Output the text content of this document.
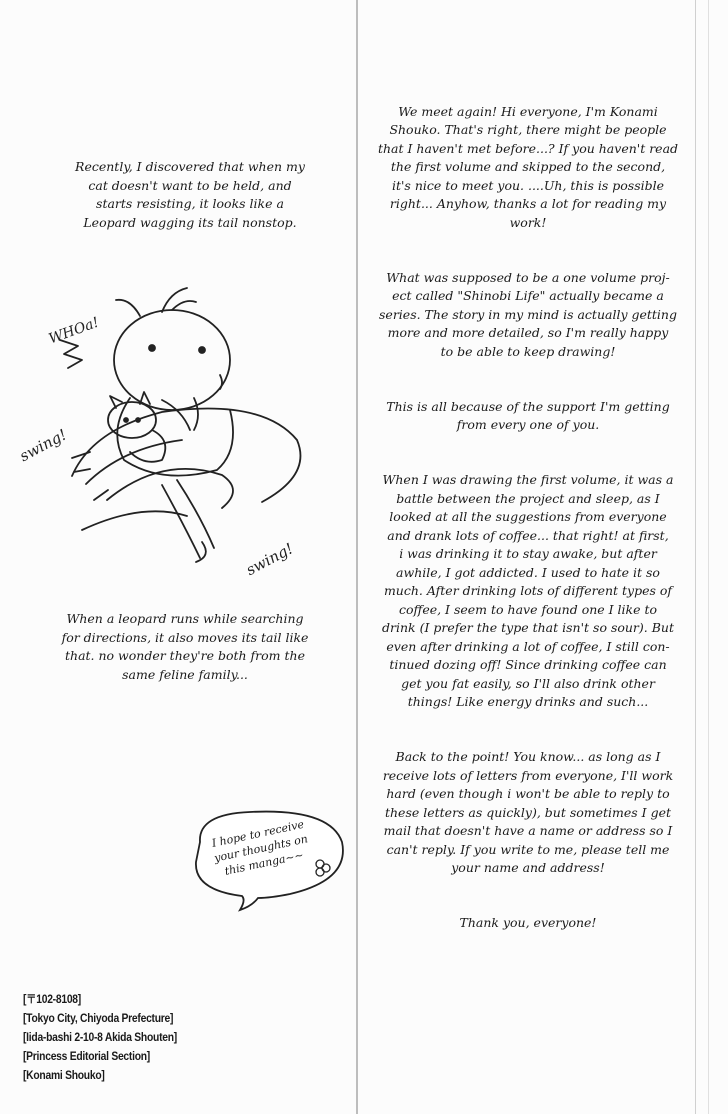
Recently, I discovered that when my
cat doesn't want to be held, and
starts resisting, it looks like a
Leopard wagging its tail nonstop.
WHOa!
swing!
swing!
When a leopard runs while searching
for directions, it also moves its tail like
that. no wonder they're both from the
same feline family...

We meet again! Hi everyone, I'm Konami
Shouko. That's right, there might be people
that I haven't met before...? If you haven't read
the first volume and skipped to the second,
it's nice to meet you. ....Uh, this is possible
right... Anyhow, thanks a lot for reading my
work!

What was supposed to be a one volume proj-
ect called "Shinobi Life" actually became a
series. The story in my mind is actually getting
more and more detailed, so I'm really happy
to be able to keep drawing!

This is all because of the support I'm getting
from every one of you.

When I was drawing the first volume, it was a
battle between the project and sleep, as I
looked at all the suggestions from everyone
and drank lots of coffee... that right! at first,
i was drinking it to stay awake, but after
awhile, I got addicted. I used to hate it so
much. After drinking lots of different types of
coffee, I seem to have found one I like to
drink (I prefer the type that isn't so sour). But
even after drinking a lot of coffee, I still con-
tinued dozing off! Since drinking coffee can
get you fat easily, so I'll also drink other
things! Like energy drinks and such...

Back to the point! You know... as long as I
receive lots of letters from everyone, I'll work
hard (even though i won't be able to reply to
these letters as quickly), but sometimes I get
mail that doesn't have a name or address so I
can't reply. If you write to me, please tell me
your name and address!

Thank you, everyone!

I hope to receive
your thoughts on
this manga~~
[〒102-8108]
[Tokyo City, Chiyoda Prefecture]
[Iida-bashi 2-10-8 Akida Shouten]
[Princess Editorial Section]
[Konami Shouko]
